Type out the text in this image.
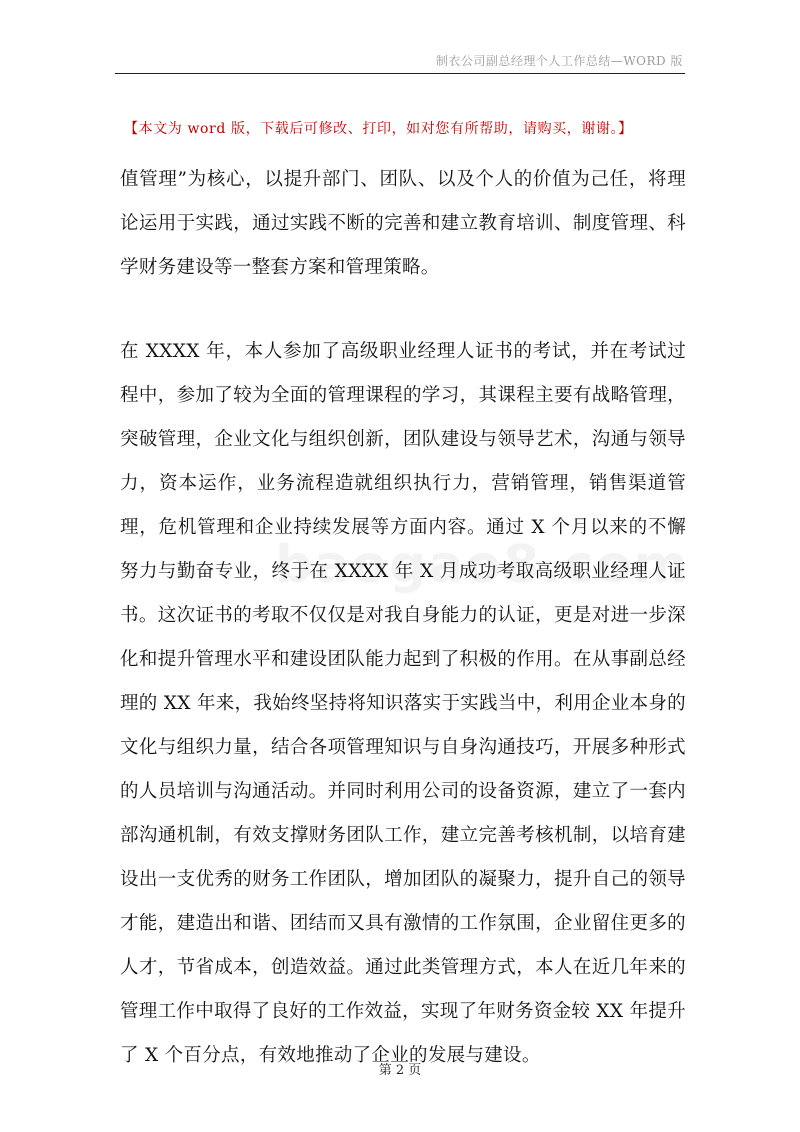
制衣公司副总经理个人工作总结—WORD 版
【本文为 word 版，下载后可修改、打印，如对您有所帮助，请购买，谢谢。】
值管理”为核心，以提升部门、团队、以及个人的价值为己任，将理论运用于实践，通过实践不断的完善和建立教育培训、制度管理、科学财务建设等一整套方案和管理策略。
在 XXXX 年，本人参加了高级职业经理人证书的考试，并在考试过程中，参加了较为全面的管理课程的学习，其课程主要有战略管理，突破管理，企业文化与组织创新，团队建设与领导艺术，沟通与领导力，资本运作，业务流程造就组织执行力，营销管理，销售渠道管理，危机管理和企业持续发展等方面内容。通过 X 个月以来的不懈努力与勤奋专业，终于在 XXXX 年 X 月成功考取高级职业经理人证书。这次证书的考取不仅仅是对我自身能力的认证，更是对进一步深化和提升管理水平和建设团队能力起到了积极的作用。在从事副总经理的 XX 年来，我始终坚持将知识落实于实践当中，利用企业本身的文化与组织力量，结合各项管理知识与自身沟通技巧，开展多种形式的人员培训与沟通活动。并同时利用公司的设备资源，建立了一套内部沟通机制，有效支撑财务团队工作，建立完善考核机制，以培育建设出一支优秀的财务工作团队，增加团队的凝聚力，提升自己的领导才能，建造出和谐、团结而又具有激情的工作氛围，企业留住更多的人才，节省成本，创造效益。通过此类管理方式，本人在近几年来的管理工作中取得了良好的工作效益，实现了年财务资金较 XX 年提升了 X 个百分点，有效地推动了企业的发展与建设。
第 2 页
